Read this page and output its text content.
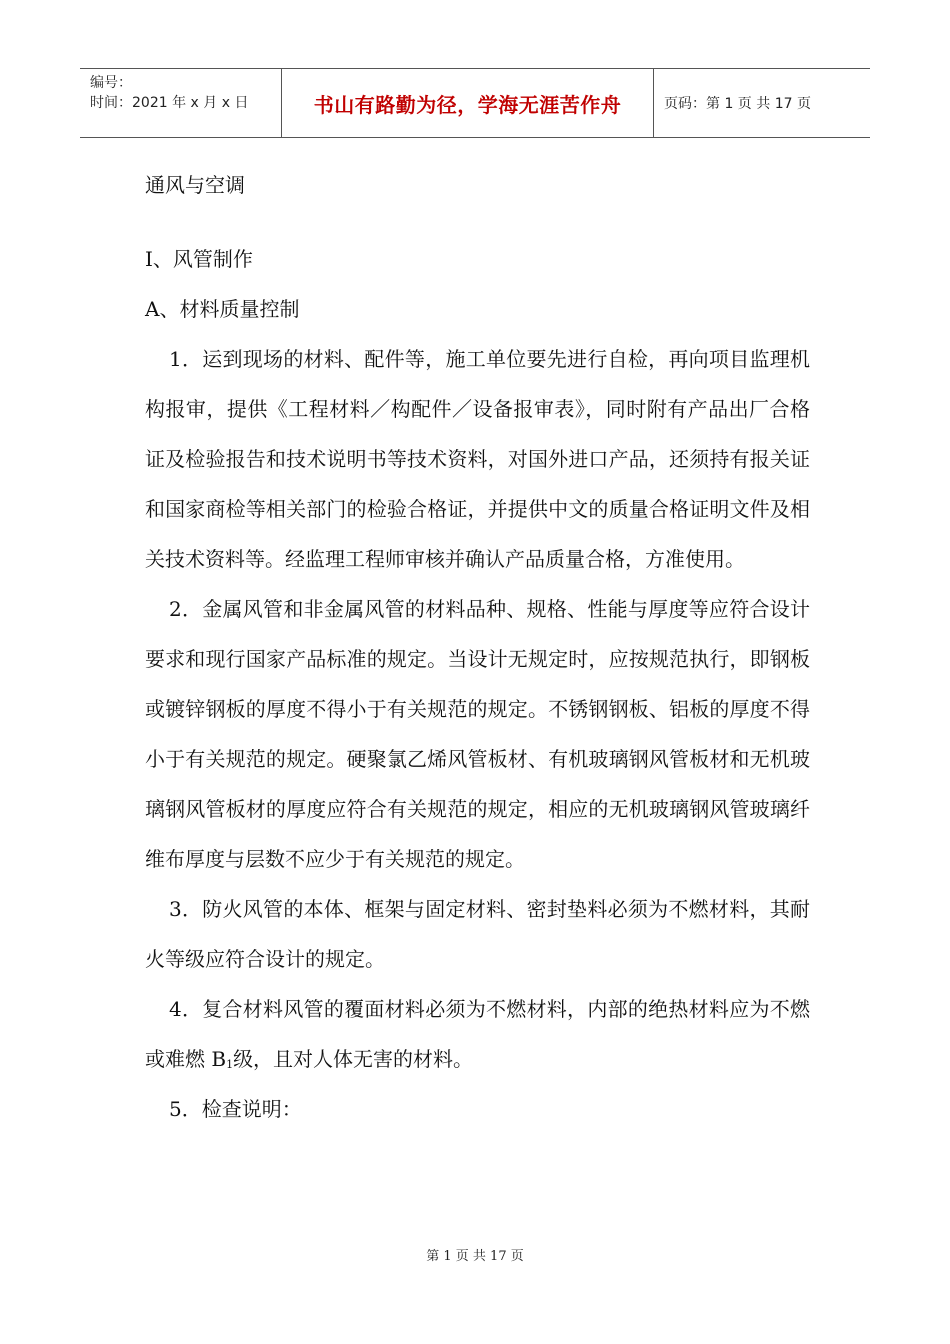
编号：
时间：2021 年 x 月 x 日	书山有路勤为径，学海无涯苦作舟	页码：第 1 页 共 17 页

通风与空调

Ⅰ、风管制作

A、材料质量控制

1．运到现场的材料、配件等，施工单位要先进行自检，再向项目监理机构报审，提供《工程材料／构配件／设备报审表》，同时附有产品出厂合格证及检验报告和技术说明书等技术资料，对国外进口产品，还须持有报关证和国家商检等相关部门的检验合格证，并提供中文的质量合格证明文件及相关技术资料等。经监理工程师审核并确认产品质量合格，方准使用。

2．金属风管和非金属风管的材料品种、规格、性能与厚度等应符合设计要求和现行国家产品标准的规定。当设计无规定时，应按规范执行，即钢板或镀锌钢板的厚度不得小于有关规范的规定。不锈钢钢板、铝板的厚度不得小于有关规范的规定。硬聚氯乙烯风管板材、有机玻璃钢风管板材和无机玻璃钢风管板材的厚度应符合有关规范的规定，相应的无机玻璃钢风管玻璃纤维布厚度与层数不应少于有关规范的规定。

3．防火风管的本体、框架与固定材料、密封垫料必须为不燃材料，其耐火等级应符合设计的规定。

4．复合材料风管的覆面材料必须为不燃材料，内部的绝热材料应为不燃或难燃 $B_1$级，且对人体无害的材料。

5．检查说明：

第 1 页 共 17 页
